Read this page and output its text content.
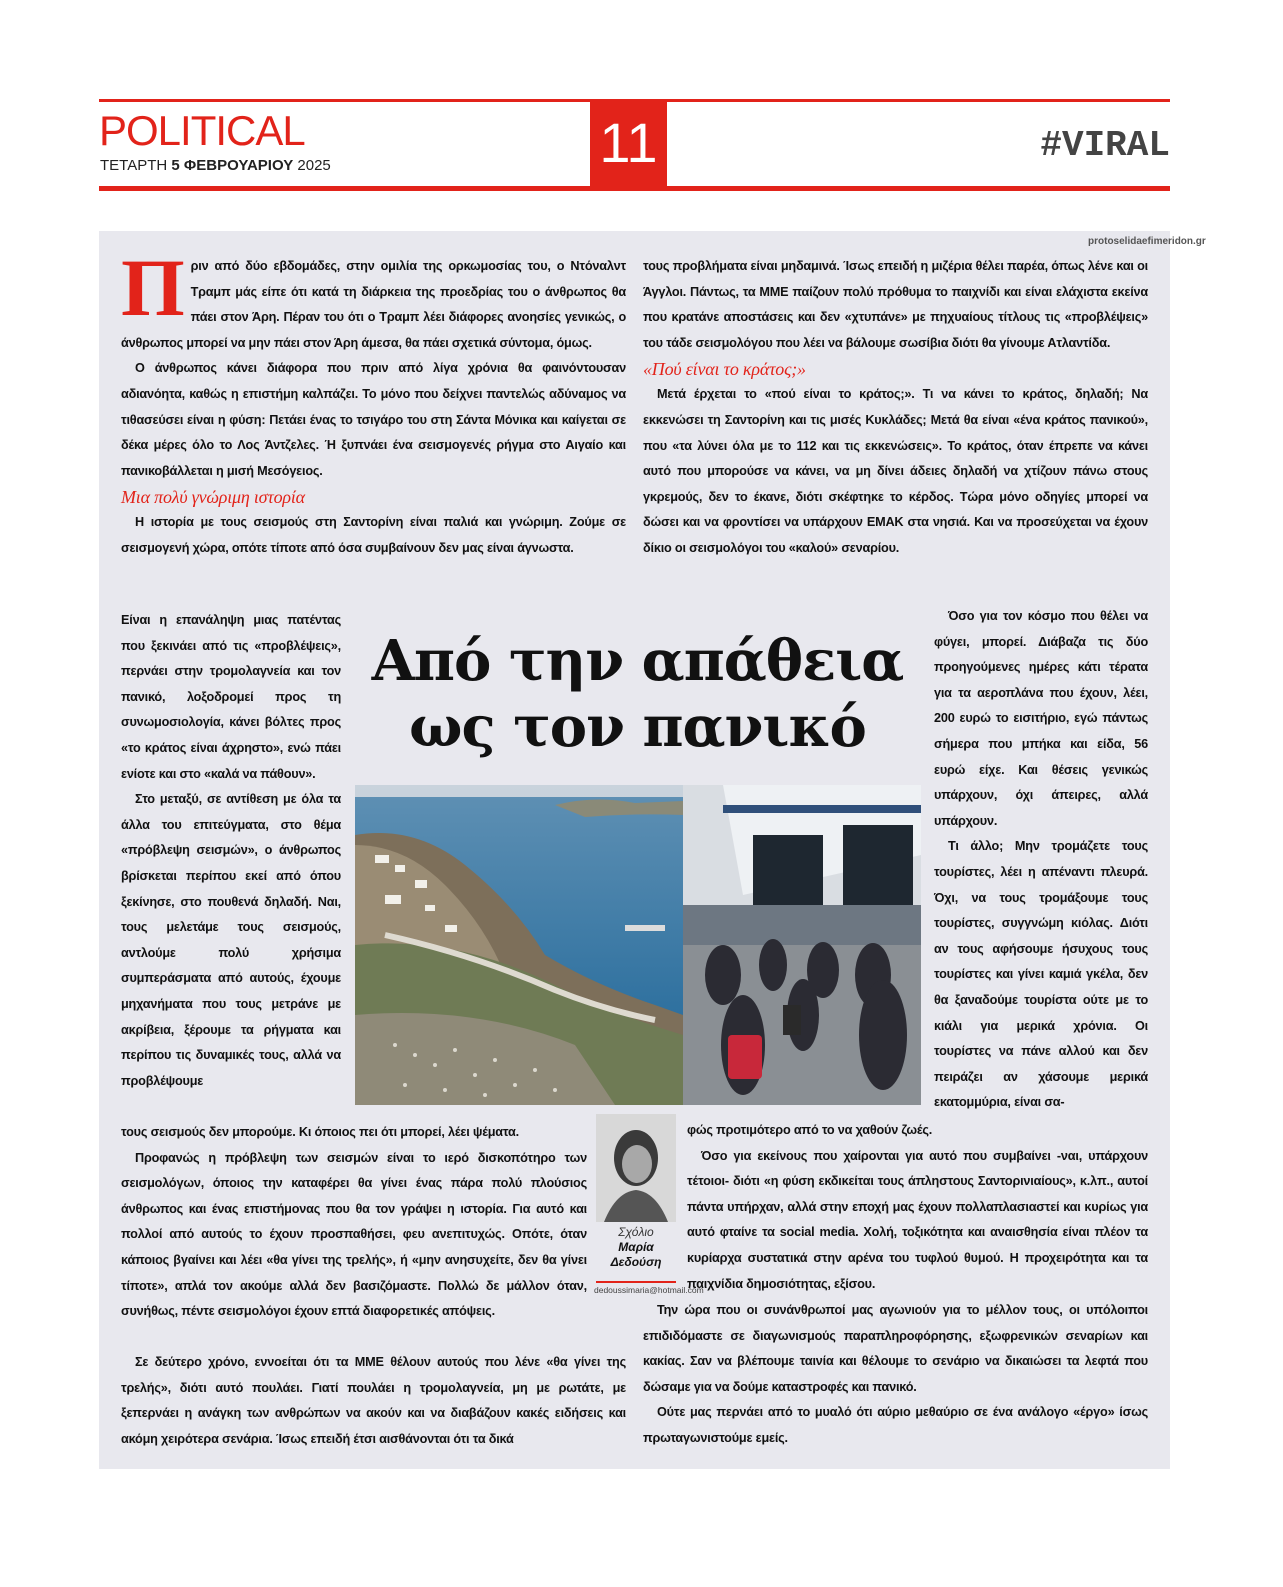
POLITICAL
ΤΕΤΑΡΤΗ 5 ΦΕΒΡΟΥΑΡΙΟΥ 2025	11	#VIRAL
protoselidaefimeridon.gr

Πριν από δύο εβδομάδες, στην ομιλία της ορκωμοσίας του, ο Ντόναλντ Τραμπ μάς είπε ότι κατά τη διάρκεια της προεδρίας του ο άνθρωπος θα πάει στον Άρη. Πέραν του ότι ο Τραμπ λέει διάφορες ανοησίες γενικώς, ο άνθρωπος μπορεί να μην πάει στον Άρη άμεσα, θα πάει σχετικά σύντομα, όμως.

Ο άνθρωπος κάνει διάφορα που πριν από λίγα χρόνια θα φαινόντουσαν αδιανόητα, καθώς η επιστήμη καλπάζει. Το μόνο που δείχνει παντελώς αδύναμος να τιθασεύσει είναι η φύση: Πετάει ένας το τσιγάρο του στη Σάντα Μόνικα και καίγεται σε δέκα μέρες όλο το Λος Άντζελες. Ή ξυπνάει ένα σεισμογενές ρήγμα στο Αιγαίο και πανικοβάλλεται η μισή Μεσόγειος.

Μια πολύ γνώριμη ιστορία

Η ιστορία με τους σεισμούς στη Σαντορίνη είναι παλιά και γνώριμη. Ζούμε σε σεισμογενή χώρα, οπότε τίποτε από όσα συμβαίνουν δεν μας είναι άγνωστα.

Είναι η επανάληψη μιας πατέντας που ξεκινάει από τις «προβλέψεις», περνάει στην τρομολαγνεία και τον πανικό, λοξοδρομεί προς τη συνωμοσιολογία, κάνει βόλτες προς «το κράτος είναι άχρηστο», ενώ πάει ενίοτε και στο «καλά να πάθουν».

Στο μεταξύ, σε αντίθεση με όλα τα άλλα του επιτεύγματα, στο θέμα «πρόβλεψη σεισμών», ο άνθρωπος βρίσκεται περίπου εκεί από όπου ξεκίνησε, στο πουθενά δηλαδή. Ναι, τους μελετάμε τους σεισμούς, αντλούμε πολύ χρήσιμα συμπεράσματα από αυτούς, έχουμε μηχανήματα που τους μετράνε με ακρίβεια, ξέρουμε τα ρήγματα και περίπου τις δυναμικές τους, αλλά να προβλέψουμε

τους σεισμούς δεν μπορούμε. Κι όποιος πει ότι μπορεί, λέει ψέματα.

Προφανώς η πρόβλεψη των σεισμών είναι το ιερό δισκοπότηρο των σεισμολόγων, όποιος την καταφέρει θα γίνει ένας πάρα πολύ πλούσιος άνθρωπος και ένας επιστήμονας που θα τον γράψει η ιστορία. Για αυτό και πολλοί από αυτούς το έχουν προσπαθήσει, φευ ανεπιτυχώς. Οπότε, όταν κάποιος βγαίνει και λέει «θα γίνει της τρελής», ή «μην ανησυχείτε, δεν θα γίνει τίποτε», απλά τον ακούμε αλλά δεν βασιζόμαστε. Πολλώ δε μάλλον όταν, συνήθως, πέντε σεισμολόγοι έχουν επτά διαφορετικές απόψεις.

Σε δεύτερο χρόνο, εννοείται ότι τα ΜΜΕ θέλουν αυτούς που λένε «θα γίνει της τρελής», διότι αυτό πουλάει. Γιατί πουλάει η τρομολαγνεία, μη με ρωτάτε, με ξεπερνάει η ανάγκη των ανθρώπων να ακούν και να διαβάζουν κακές ειδήσεις και ακόμη χειρότερα σενάρια. Ίσως επειδή έτσι αισθάνονται ότι τα δικά

τους προβλήματα είναι μηδαμινά. Ίσως επειδή η μιζέρια θέλει παρέα, όπως λένε και οι Άγγλοι. Πάντως, τα ΜΜΕ παίζουν πολύ πρόθυμα το παιχνίδι και είναι ελάχιστα εκείνα που κρατάνε αποστάσεις και δεν «χτυπάνε» με πηχυαίους τίτλους τις «προβλέψεις» του τάδε σεισμολόγου που λέει να βάλουμε σωσίβια διότι θα γίνουμε Ατλαντίδα.

«Πού είναι το κράτος;»

Μετά έρχεται το «πού είναι το κράτος;». Τι να κάνει το κράτος, δηλαδή; Να εκκενώσει τη Σαντορίνη και τις μισές Κυκλάδες; Μετά θα είναι «ένα κράτος πανικού», που «τα λύνει όλα με το 112 και τις εκκενώσεις». Το κράτος, όταν έπρεπε να κάνει αυτό που μπορούσε να κάνει, να μη δίνει άδειες δηλαδή να χτίζουν πάνω στους γκρεμούς, δεν το έκανε, διότι σκέφτηκε το κέρδος. Τώρα μόνο οδηγίες μπορεί να δώσει και να φροντίσει να υπάρχουν ΕΜΑΚ στα νησιά. Και να προσεύχεται να έχουν δίκιο οι σεισμολόγοι του «καλού» σεναρίου.

Όσο για τον κόσμο που θέλει να φύγει, μπορεί. Διάβαζα τις δύο προηγούμενες ημέρες κάτι τέρατα για τα αεροπλάνα που έχουν, λέει, 200 ευρώ το εισιτήριο, εγώ πάντως σήμερα που μπήκα και είδα, 56 ευρώ είχε. Και θέσεις γενικώς υπάρχουν, όχι άπειρες, αλλά υπάρχουν.

Τι άλλο; Μην τρομάζετε τους τουρίστες, λέει η απέναντι πλευρά. Όχι, να τους τρομάξουμε τους τουρίστες, συγγνώμη κιόλας. Διότι αν τους αφήσουμε ήσυχους τους τουρίστες και γίνει καμιά γκέλα, δεν θα ξαναδούμε τουρίστα ούτε με το κιάλι για μερικά χρόνια. Οι τουρίστες να πάνε αλλού και δεν πειράζει αν χάσουμε μερικά εκατομμύρια, είναι σα-

φώς προτιμότερο από το να χαθούν ζωές.

Όσο για εκείνους που χαίρονται για αυτό που συμβαίνει -ναι, υπάρχουν τέτοιοι- διότι «η φύση εκδικείται τους άπληστους Σαντορινιαίους», κ.λπ., αυτοί πάντα υπήρχαν, αλλά στην εποχή μας έχουν πολλαπλασιαστεί και κυρίως για αυτό φταίνε τα social media. Χολή, τοξικότητα και αναισθησία είναι πλέον τα κυρίαρχα συστατικά στην αρένα του τυφλού θυμού. Η προχειρότητα και τα παιχνίδια δημοσιότητας, εξίσου.

Την ώρα που οι συνάνθρωποί μας αγωνιούν για το μέλλον τους, οι υπόλοιποι επιδιδόμαστε σε διαγωνισμούς παραπληροφόρησης, εξωφρενικών σεναρίων και κακίας. Σαν να βλέπουμε ταινία και θέλουμε το σενάριο να δικαιώσει τα λεφτά που δώσαμε για να δούμε καταστροφές και πανικό.

Ούτε μας περνάει από το μυαλό ότι αύριο μεθαύριο σε ένα ανάλογο «έργο» ίσως πρωταγωνιστούμε εμείς.

Από την απάθεια
ως τον πανικό
Σχόλιο
Μαρία
Δεδούση
dedoussimaria@hotmail.com
